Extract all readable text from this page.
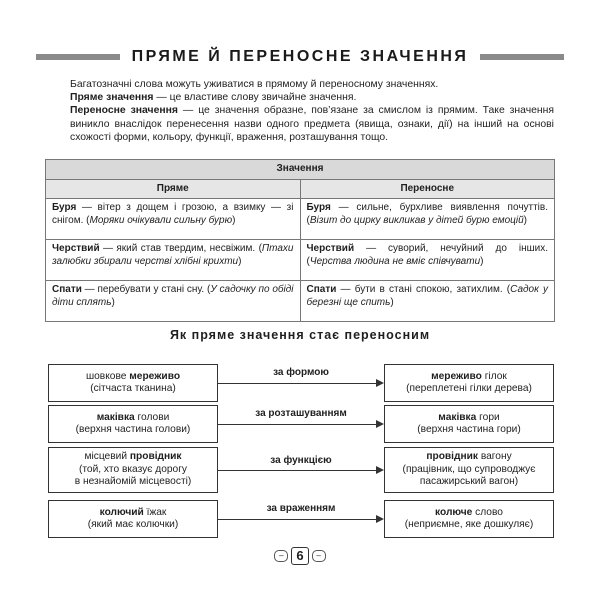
ПРЯМЕ Й ПЕРЕНОСНЕ ЗНАЧЕННЯ

Багатозначні слова можуть уживатися в прямому й переносному значеннях.

Пряме значення — це властиве слову звичайне значення.

Переносне значення — це значення образне, пов’язане за смислом із прямим. Таке значення виникло внаслідок перенесення назви одного предмета (явища, ознаки, дії) на інший на основі схожості форми, кольору, функції, враження, розташування тощо.

Значення	
Пряме	Переносне

Буря — вітер з дощем і грозою, а взимку — зі снігом. (Моряки очікували сильну бурю)	Буря — сильне, бурхливе виявлення почуттів. (Візит до цирку викликав у дітей бурю емоцій)

Черствий — який став твердим, несвіжим. (Птахи залюбки збирали черстві хлібні крихти)	Черствий — суворий, нечуйний до інших. (Черства людина не вміє співчувати)

Спати — перебувати у стані сну. (У садочку по обіді діти сплять)	Спати — бути в стані спокою, затихлим. (Садок у березні ще спить)

Як пряме значення стає переносним
шовкове мереживо
(сітчаста тканина)
за формою	мереживо гілок
(переплетені гілки дерева)
маківка голови
(верхня частина голови)
за розташуванням	маківка гори
(верхня частина гори)
місцевий провідник
(той, хто вказує дорогу
в незнайомій місцевості)
за функцією	провідник вагону
(працівник, що супроводжує
пасажирський вагон)
колючий їжак
(який має колючки)
за враженням	колюче слово
(неприємне, яке дошкуляє)
– 6	–
